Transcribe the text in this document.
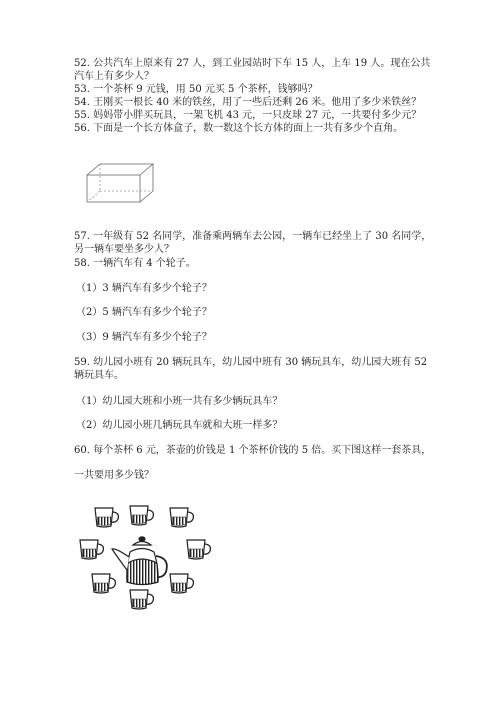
52. 公共汽车上原来有 27 人，到工业园站时下车 15 人，上车 19 人。现在公共
汽车上有多少人？
53. 一个茶杯 9 元钱，用 50 元买 5 个茶杯，钱够吗？
54. 王刚买一根长 40 米的铁丝，用了一些后还剩 26 米。他用了多少米铁丝？
55. 妈妈带小胖买玩具，一架飞机 43 元，一只皮球 27 元，一共要付多少元？
56. 下面是一个长方体盒子，数一数这个长方体的面上一共有多少个直角。
57. 一年级有 52 名同学，准备乘两辆车去公园，一辆车已经坐上了 30 名同学，
另一辆车要坐多少人？
58. 一辆汽车有 4 个轮子。
（1）3 辆汽车有多少个轮子？
（2）5 辆汽车有多少个轮子？
（3）9 辆汽车有多少个轮子？
59. 幼儿园小班有 20 辆玩具车，幼儿园中班有 30 辆玩具车，幼儿园大班有 52
辆玩具车。
（1）幼儿园大班和小班一共有多少辆玩具车？
（2）幼儿园小班几辆玩具车就和大班一样多？
60. 每个茶杯 6 元，茶壶的价钱是 1 个茶杯价钱的 5 倍。买下图这样一套茶具，
一共要用多少钱？
